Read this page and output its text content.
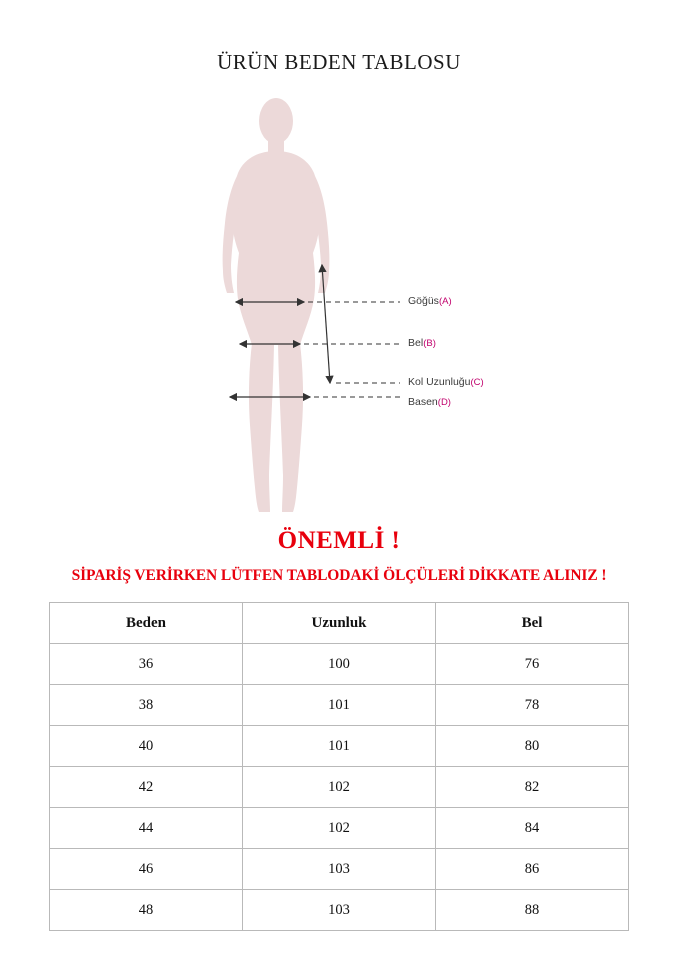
ÜRÜN BEDEN TABLOSU
Göğüs(A)
Bel(B)
Kol Uzunluğu(C)
Basen(D)
ÖNEMLİ !
SİPARİŞ VERİRKEN LÜTFEN TABLODAKİ ÖLÇÜLERİ DİKKATE ALINIZ !
Beden	Uzunluk	Bel
36	100	76
38	101	78
40	101	80
42	102	82
44	102	84
46	103	86
48	103	88
